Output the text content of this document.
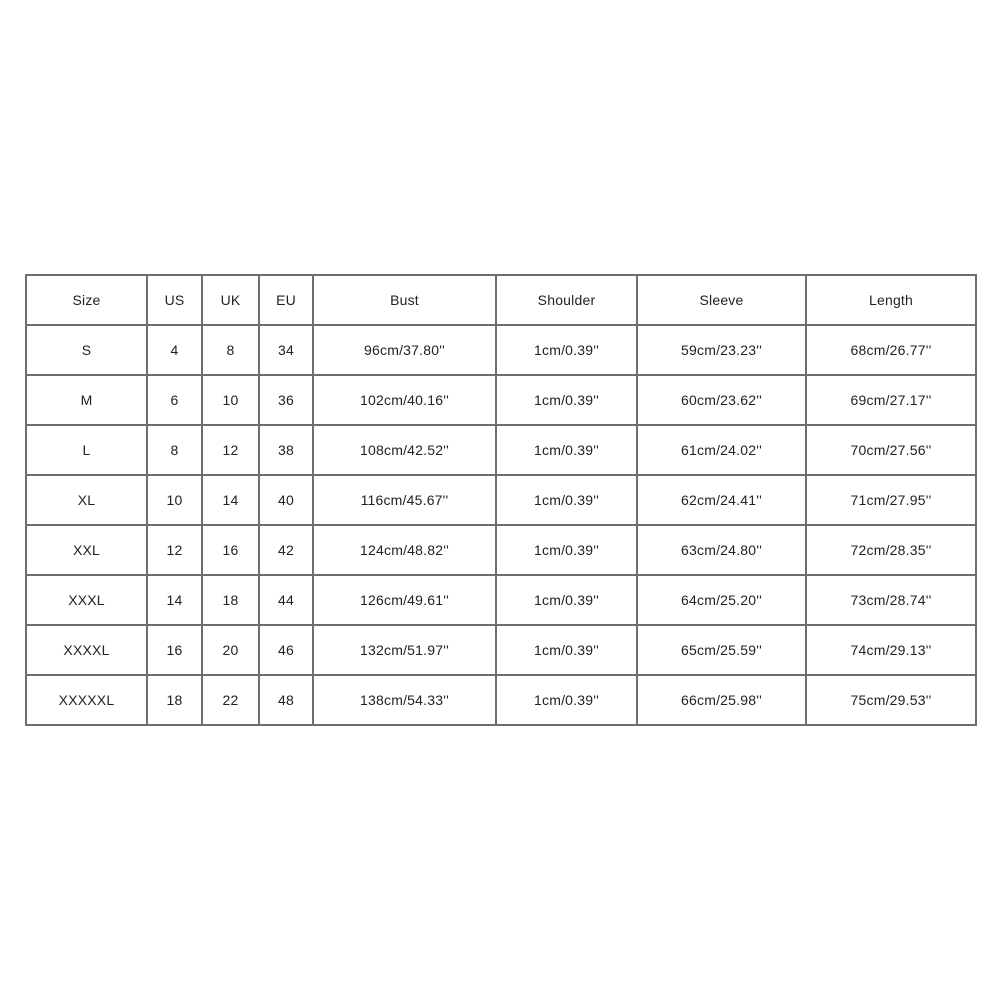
Size	US	UK	EU	Bust	Shoulder	Sleeve	Length
S	4	8	34	96cm/37.80''	1cm/0.39''	59cm/23.23''	68cm/26.77''
M	6	10	36	102cm/40.16''	1cm/0.39''	60cm/23.62''	69cm/27.17''
L	8	12	38	108cm/42.52''	1cm/0.39''	61cm/24.02''	70cm/27.56''
XL	10	14	40	116cm/45.67''	1cm/0.39''	62cm/24.41''	71cm/27.95''
XXL	12	16	42	124cm/48.82''	1cm/0.39''	63cm/24.80''	72cm/28.35''
XXXL	14	18	44	126cm/49.61''	1cm/0.39''	64cm/25.20''	73cm/28.74''
XXXXL	16	20	46	132cm/51.97''	1cm/0.39''	65cm/25.59''	74cm/29.13''
XXXXXL	18	22	48	138cm/54.33''	1cm/0.39''	66cm/25.98''	75cm/29.53''
